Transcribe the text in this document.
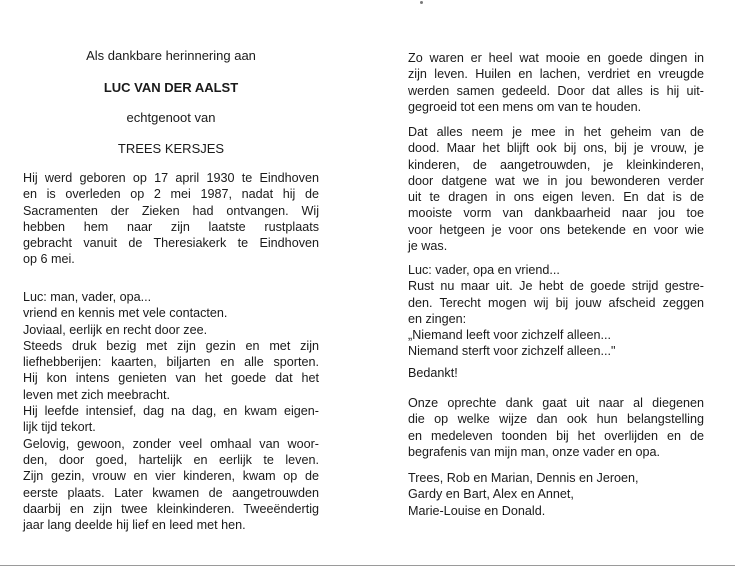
Als dankbare herinnering aan
LUC VAN DER AALST
echtgenoot van
TREES KERSJES
Hij werd geboren op 17 april 1930 te Eindhoven
en is overleden op 2 mei 1987, nadat hij de
Sacramenten der Zieken had ontvangen. Wij
hebben hem naar zijn laatste rustplaats
gebracht vanuit de Theresiakerk te Eindhoven
op 6 mei.
Luc: man, vader, opa...
vriend en kennis met vele contacten.
Joviaal, eerlijk en recht door zee.
Steeds druk bezig met zijn gezin en met zijn
liefhebberijen: kaarten, biljarten en alle sporten.
Hij kon intens genieten van het goede dat het
leven met zich meebracht.
Hij leefde intensief, dag na dag, en kwam eigen-
lijk tijd tekort.
Gelovig, gewoon, zonder veel omhaal van woor-
den, door goed, hartelijk en eerlijk te leven.
Zijn gezin, vrouw en vier kinderen, kwam op de
eerste plaats. Later kwamen de aangetrouwden
daarbij en zijn twee kleinkinderen. Tweeëndertig
jaar lang deelde hij lief en leed met hen.
Zo waren er heel wat mooie en goede dingen in
zijn leven. Huilen en lachen, verdriet en vreugde
werden samen gedeeld. Door dat alles is hij uit-
gegroeid tot een mens om van te houden.
Dat alles neem je mee in het geheim van de
dood. Maar het blijft ook bij ons, bij je vrouw, je
kinderen, de aangetrouwden, je kleinkinderen,
door datgene wat we in jou bewonderen verder
uit te dragen in ons eigen leven. En dat is de
mooiste vorm van dankbaarheid naar jou toe
voor hetgeen je voor ons betekende en voor wie
je was.
Luc: vader, opa en vriend...
Rust nu maar uit. Je hebt de goede strijd gestre-
den. Terecht mogen wij bij jouw afscheid zeggen
en zingen:
„Niemand leeft voor zichzelf alleen...
Niemand sterft voor zichzelf alleen..."
Bedankt!
Onze oprechte dank gaat uit naar al diegenen
die op welke wijze dan ook hun belangstelling
en medeleven toonden bij het overlijden en de
begrafenis van mijn man, onze vader en opa.
Trees, Rob en Marian, Dennis en Jeroen,
Gardy en Bart, Alex en Annet,
Marie-Louise en Donald.
